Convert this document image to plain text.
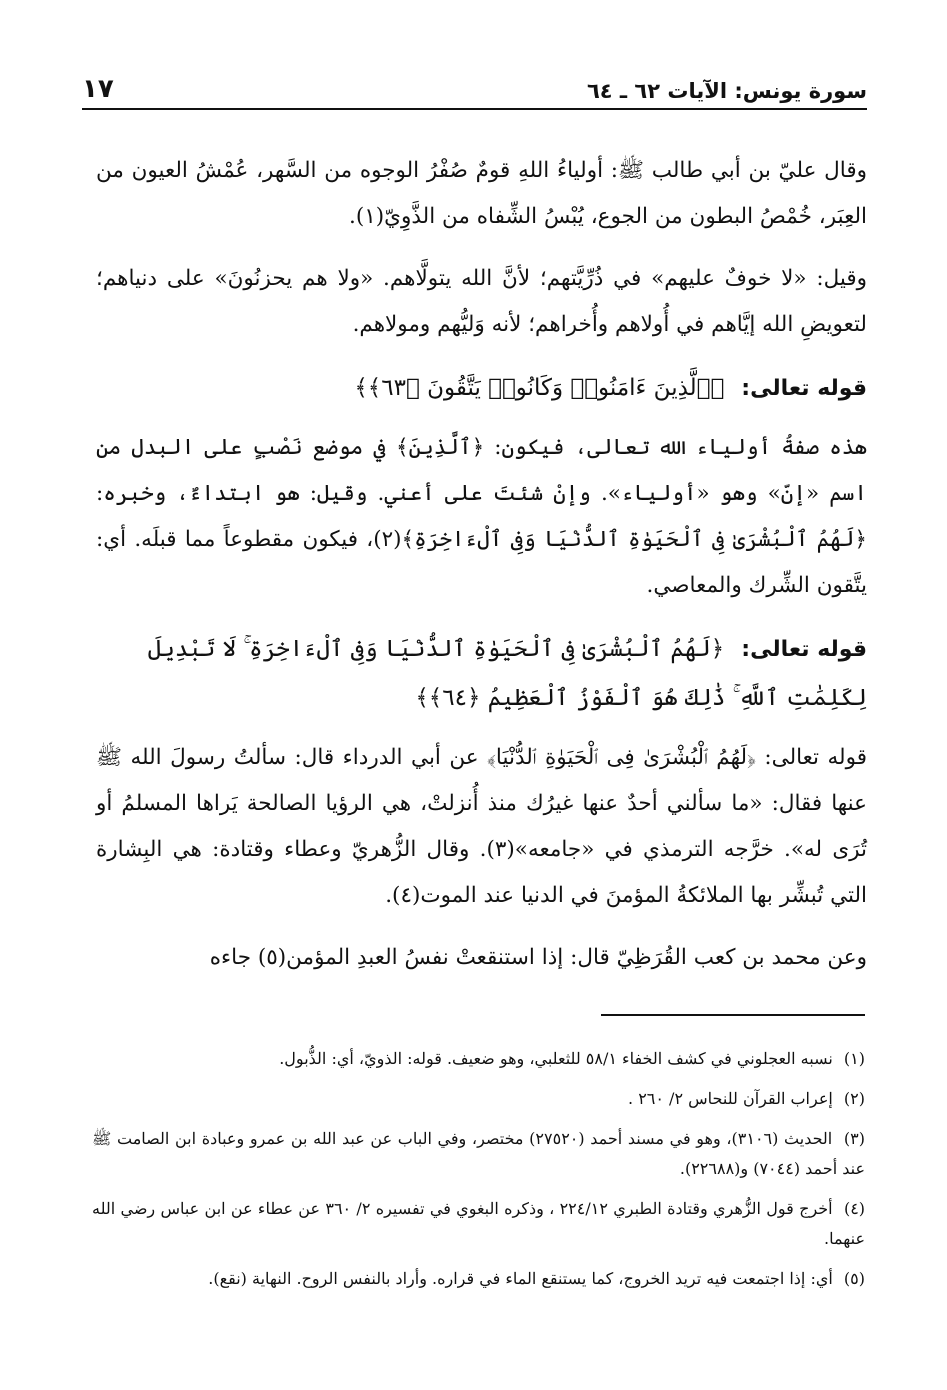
سورة يونس: الآيات ٦٢ ـ ٦٤
١٧

وقال عليّ بن أبي طالب ﷺ: أولياءُ اللهِ قومٌ صُفْرُ الوجوه من السَّهر، عُمْشُ العيون من العِبَر، خُمْصُ البطون من الجوع، يُبْسُ الشِّفاه من الذَّوِيّ(١).

وقيل: «لا خوفٌ عليهم» في ذُرِّيَّتهم؛ لأنَّ الله يتولَّاهم. «ولا هم يحزنُونَ» على دنياهم؛ لتعويضِ الله إيَّاهم في أُولاهم وأُخراهم؛ لأنه وَليُّهم ومولاهم.

قوله تعالى: ﴿ٱلَّذِينَ ءَامَنُوا۟ وَكَانُوا۟ يَتَّقُونَ ﴿٦٣﴾﴾

هذه صفةُ أولياء الله تعالى، فيكون: ﴿ٱلَّذِينَ﴾ في موضع نَصْبٍ على البدل من اسم «إنّ» وهو «أولياء». وإنْ شئتَ على أعني. وقيل: هو ابتداءٌ، وخبره: ﴿لَهُمُ ٱلْبُشْرَىٰ فِى ٱلْحَيَوٰةِ ٱلدُّنْيَا وَفِى ٱلْءَاخِرَةِ﴾(٢)، فيكون مقطوعاً مما قبلَه. أي: يتَّقون الشِّرك والمعاصي.

قوله تعالى: ﴿لَهُمُ ٱلْبُشْرَىٰ فِى ٱلْحَيَوٰةِ ٱلدُّنْيَا وَفِى ٱلْءَاخِرَةِ ۚ لَا تَبْدِيلَ لِكَلِمَٰتِ ٱللَّهِ ۚ ذَٰلِكَ هُوَ ٱلْفَوْزُ ٱلْعَظِيمُ ﴿٦٤﴾﴾

قوله تعالى: ﴿لَهُمُ ٱلْبُشْرَىٰ فِى ٱلْحَيَوٰةِ ٱلدُّنْيَا﴾ عن أبي الدرداء قال: سألتُ رسولَ الله ﷺ عنها فقال: «ما سألني أحدٌ عنها غيرُك منذ أُنزلتْ، هي الرؤيا الصالحة يَراها المسلمُ أو تُرَى له». خرَّجه الترمذي في «جامعه»(٣). وقال الزُّهريّ وعطاء وقتادة: هي البِشارة التي تُبشِّر بها الملائكةُ المؤمنَ في الدنيا عند الموت(٤).

وعن محمد بن كعب القُرَظِيّ قال: إذا استنقعتْ نفسُ العبدِ المؤمن(٥) جاءه

(١) نسبه العجلوني في كشف الخفاء ٥٨/١ للثعلبي، وهو ضعيف. قوله: الذويّ، أي: الذُّبول.

(٢) إعراب القرآن للنحاس ٢/ ٢٦٠ .

(٣) الحديث (٣١٠٦)، وهو في مسند أحمد (٢٧٥٢٠) مختصر، وفي الباب عن عبد الله بن عمرو وعبادة ابن الصامت ﷺ عند أحمد (٧٠٤٤) و(٢٢٦٨٨).

(٤) أخرج قول الزُّهري وقتادة الطبري ٢٢٤/١٢ ، وذكره البغوي في تفسيره ٢/ ٣٦٠ عن عطاء عن ابن عباس رضي الله عنهما.

(٥) أي: إذا اجتمعت فيه تريد الخروج، كما يستنقع الماء في قراره. وأراد بالنفس الروح. النهاية (نقع).
